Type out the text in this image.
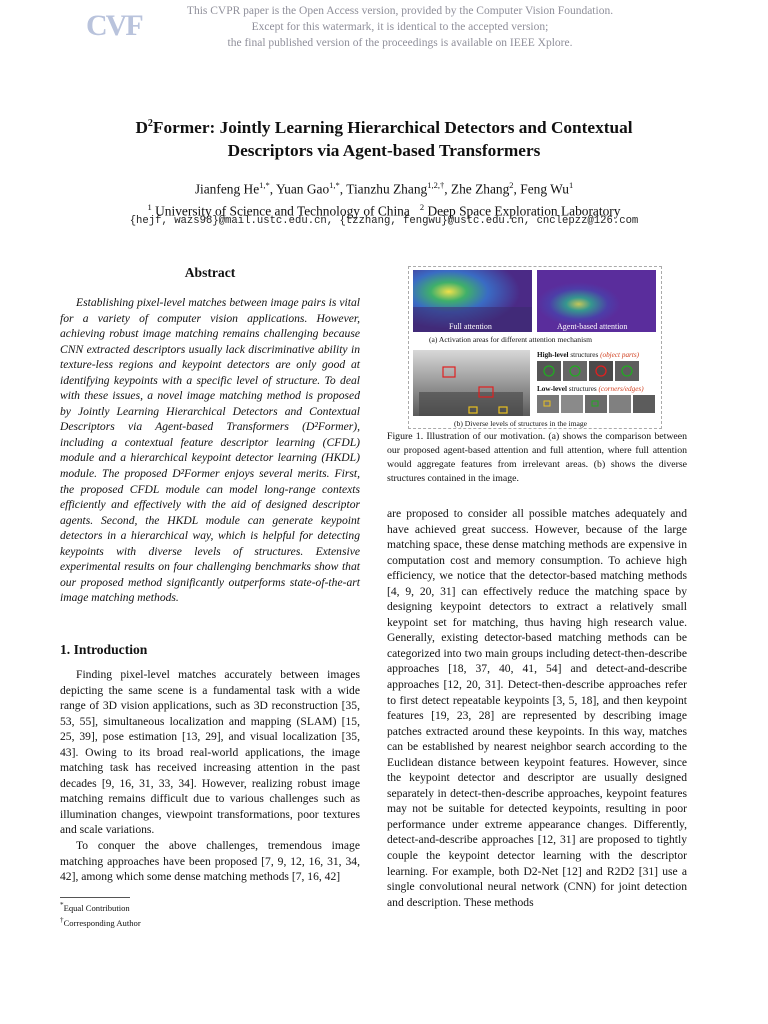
CVF	This CVPR paper is the Open Access version, provided by the Computer Vision Foundation.
Except for this watermark, it is identical to the accepted version;
the final published version of the proceedings is available on IEEE Xplore.
$D^2Former$: Jointly Learning Hierarchical Detectors and Contextual
Descriptors via Agent-based Transformers
Jianfeng $He^{1,*}$, Yuan Gao$^{1,*}$, Tianzhu Zhang$^{1,2,\dagger}$, Zhe Zhang$^2$, Feng Wu$^1$
$^1$ University of Science and Technology of China $^2$ Deep Space Exploration Laboratory
{hejf, wazs98}@mail.ustc.edu.cn, {tzzhang, fengwu}@ustc.edu.cn, cnclepzz@126.com
Abstract
Establishing pixel-level matches between image pairs is vital for a variety of computer vision applications. However, achieving robust image matching remains challenging because CNN extracted descriptors usually lack discriminative ability in texture-less regions and keypoint detectors are only good at identifying keypoints with a specific level of structure. To deal with these issues, a novel image matching method is proposed by Jointly Learning Hierarchical Detectors and Contextual Descriptors via Agent-based Transformers (D²Former), including a contextual feature descriptor learning (CFDL) module and a hierarchical keypoint detector learning (HKDL) module. The proposed D²Former enjoys several merits. First, the proposed CFDL module can model long-range contexts efficiently and effectively with the aid of designed descriptor agents. Second, the HKDL module can generate keypoint detectors in a hierarchical way, which is helpful for detecting keypoints with diverse levels of structures. Extensive experimental results on four challenging benchmarks show that our proposed method significantly outperforms state-of-the-art image matching methods.
1. Introduction

Finding pixel-level matches accurately between images depicting the same scene is a fundamental task with a wide range of 3D vision applications, such as 3D reconstruction [35, 53, 55], simultaneous localization and mapping (SLAM) [15, 25, 39], pose estimation [13, 29], and visual localization [35, 43]. Owing to its broad real-world applications, the image matching task has received increasing attention in the past decades [9, 16, 31, 33, 34]. However, realizing robust image matching remains difficult due to various challenges such as illumination changes, viewpoint transformations, poor textures and scale variations.

To conquer the above challenges, tremendous image matching approaches have been proposed [7, 9, 12, 16, 31, 34, 42], among which some dense matching methods [7, 16, 42]

*Equal Contribution
†Corresponding Author
Full attention	Agent-based attention
(a) Activation areas for different attention mechanism
High-level structures (object parts)
Low-level structures (corners/edges)
(b) Diverse levels of structures in the image
Figure 1. Illustration of our motivation. (a) shows the comparison between our proposed agent-based attention and full attention, where full attention would aggregate features from irrelevant areas. (b) shows the diverse structures contained in the image.
are proposed to consider all possible matches adequately and have achieved great success. However, because of the large matching space, these dense matching methods are expensive in computation cost and memory consumption. To achieve high efficiency, we notice that the detector-based matching methods [4, 9, 20, 31] can effectively reduce the matching space by designing keypoint detectors to extract a relatively small keypoint set for matching, thus having high research value. Generally, existing detector-based matching methods can be categorized into two main groups including detect-then-describe approaches [18, 37, 40, 41, 54] and detect-and-describe approaches [12, 20, 31]. Detect-then-describe approaches refer to first detect repeatable keypoints [3, 5, 18], and then keypoint features [19, 23, 28] are represented by describing image patches extracted around these keypoints. In this way, matches can be established by nearest neighbor search according to the Euclidean distance between keypoint features. However, since the keypoint detector and descriptor are usually designed separately in detect-then-describe approaches, keypoint features may not be suitable for detected keypoints, resulting in poor performance under extreme appearance changes. Differently, detect-and-describe approaches [12, 31] are proposed to tightly couple the keypoint detector learning with the descriptor learning. For example, both D2-Net [12] and R2D2 [31] use a single convolutional neural network (CNN) for joint detection and description. These methods
